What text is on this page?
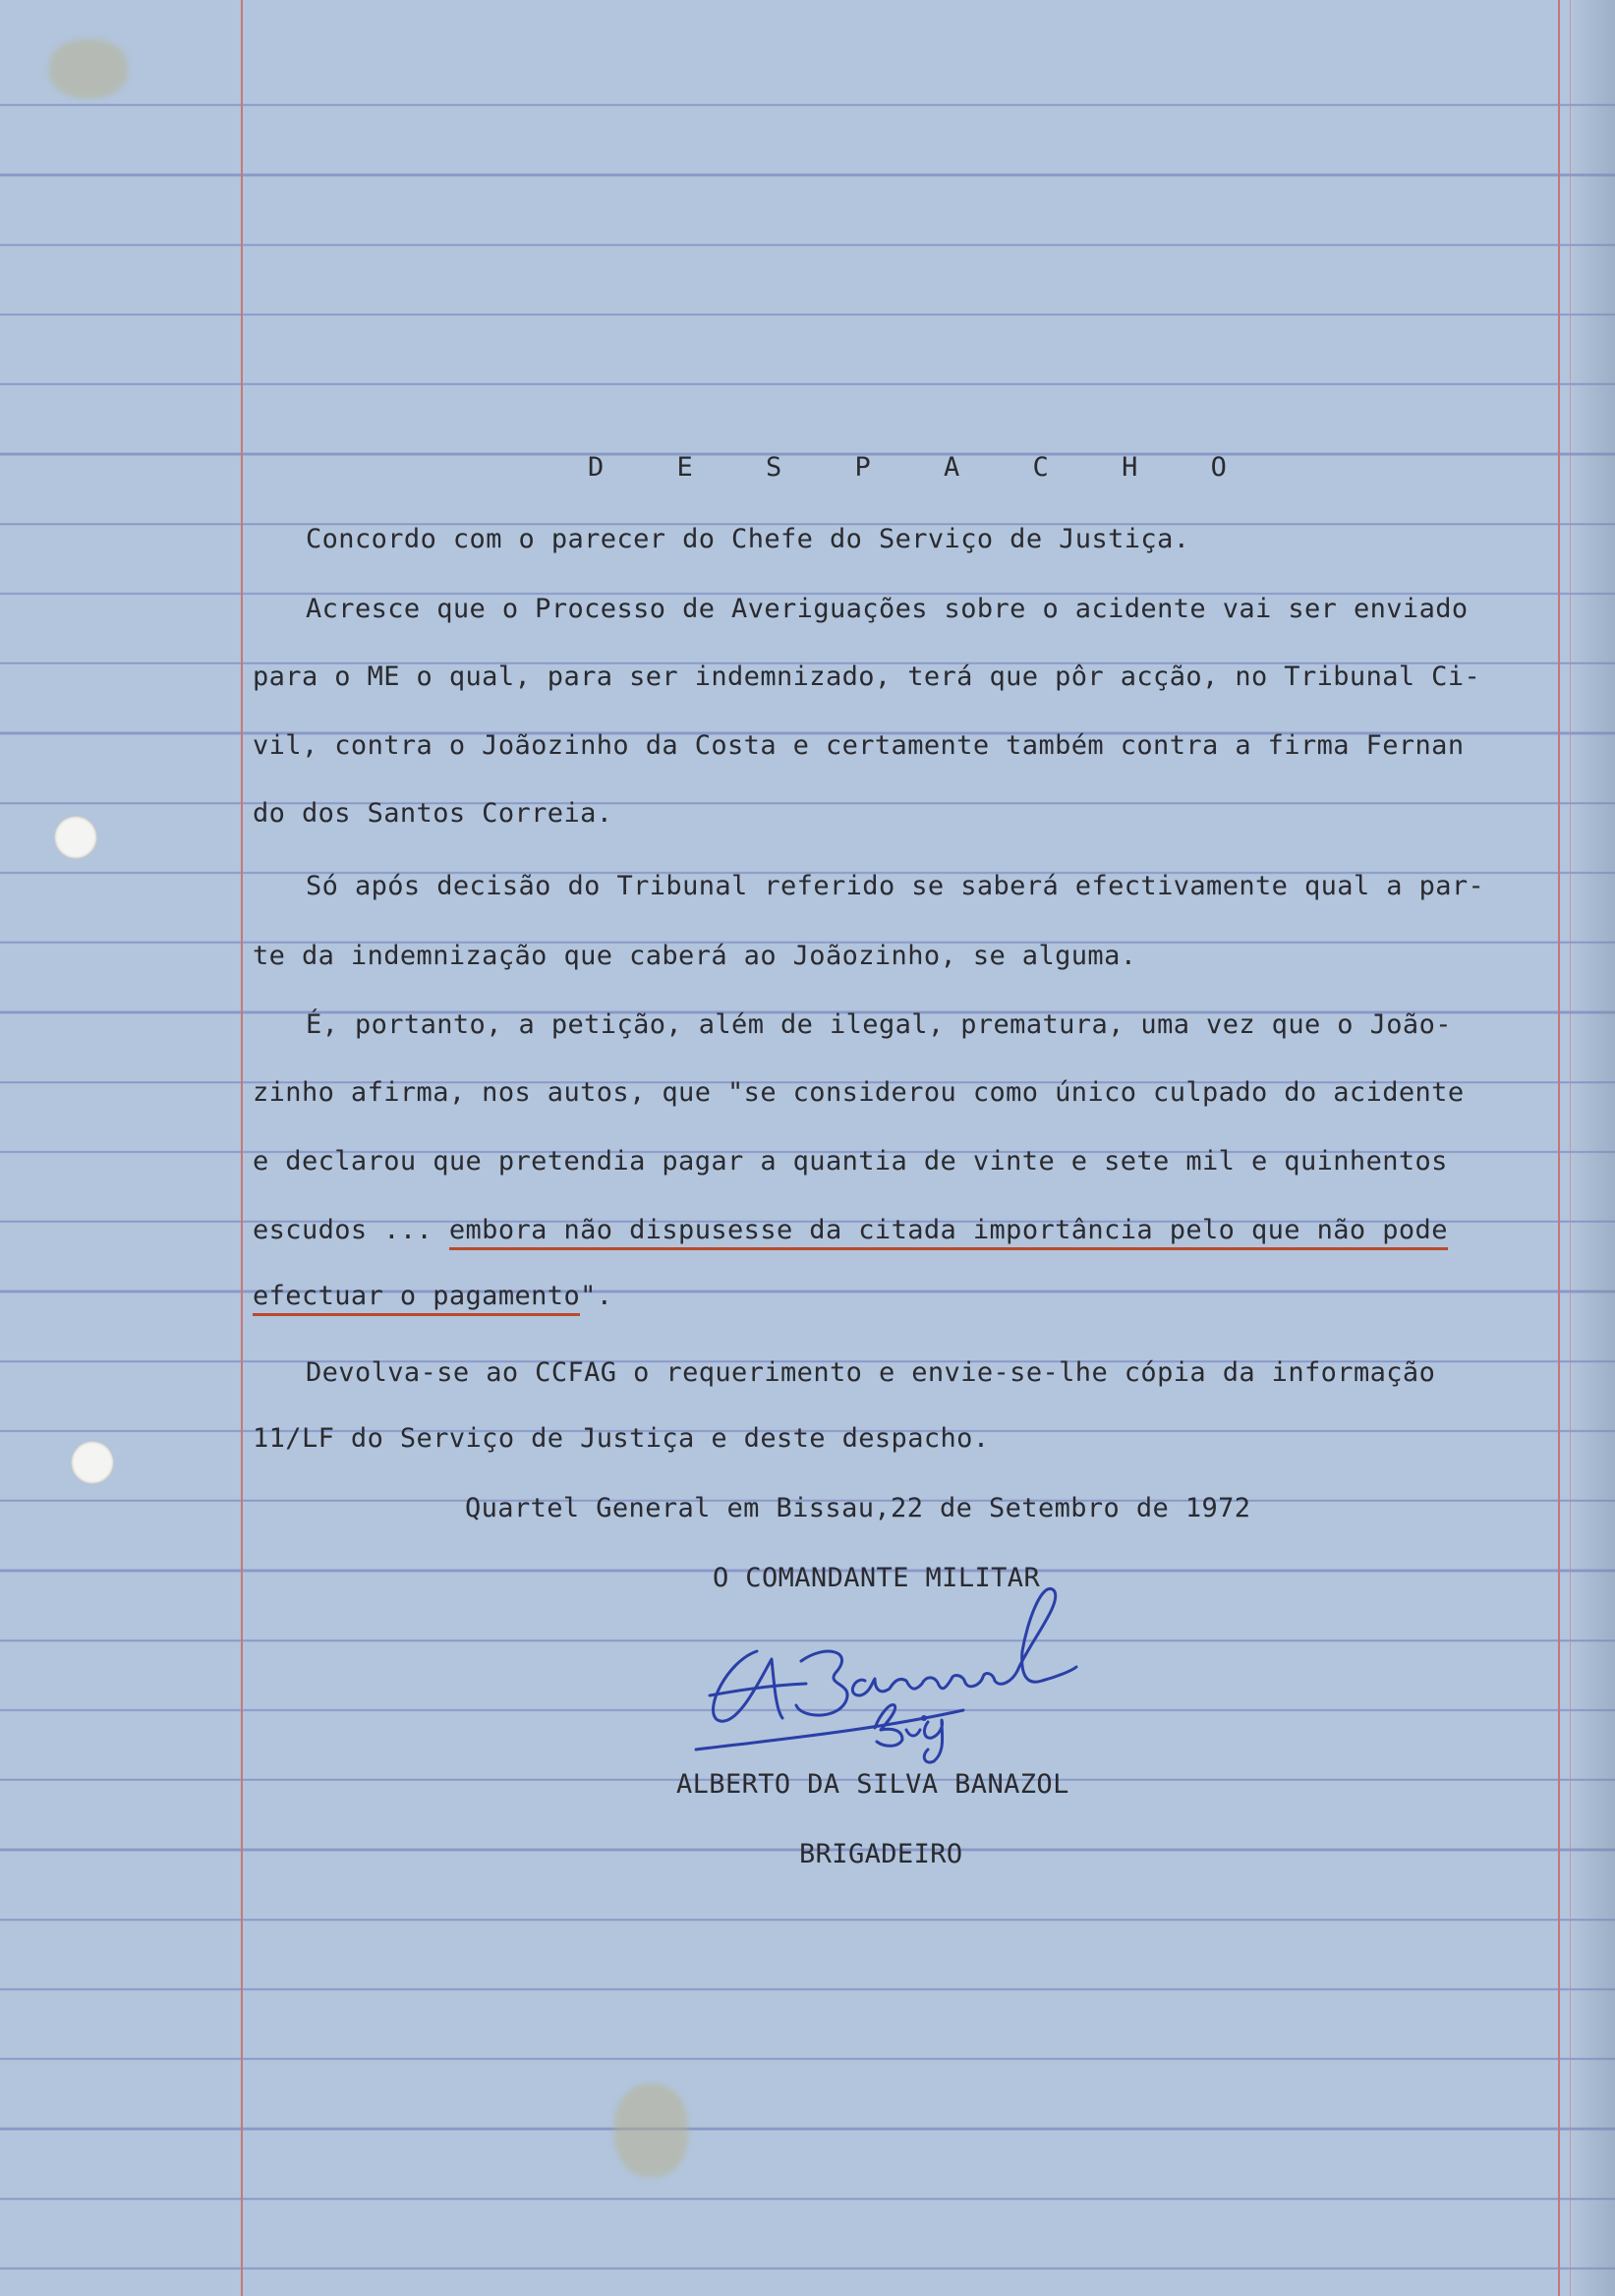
D E S P A C H O
Concordo com o parecer do Chefe do Serviço de Justiça.
Acresce que o Processo de Averiguações sobre o acidente vai ser enviado
para o ME o qual, para ser indemnizado, terá que pôr acção, no Tribunal Ci-
vil, contra o Joãozinho da Costa e certamente também contra a firma Fernan
do dos Santos Correia.
Só após decisão do Tribunal referido se saberá efectivamente qual a par-
te da indemnização que caberá ao Joãozinho, se alguma.
É, portanto, a petição, além de ilegal, prematura, uma vez que o João-
zinho afirma, nos autos, que "se considerou como único culpado do acidente
e declarou que pretendia pagar a quantia de vinte e sete mil e quinhentos
escudos ... embora não dispusesse da citada importância pelo que não pode
efectuar o pagamento".
Devolva-se ao CCFAG o requerimento e envie-se-lhe cópia da informação
11/LF do Serviço de Justiça e deste despacho.
Quartel General em Bissau,22 de Setembro de 1972
O COMANDANTE MILITAR
ALBERTO DA SILVA BANAZOL
BRIGADEIRO
